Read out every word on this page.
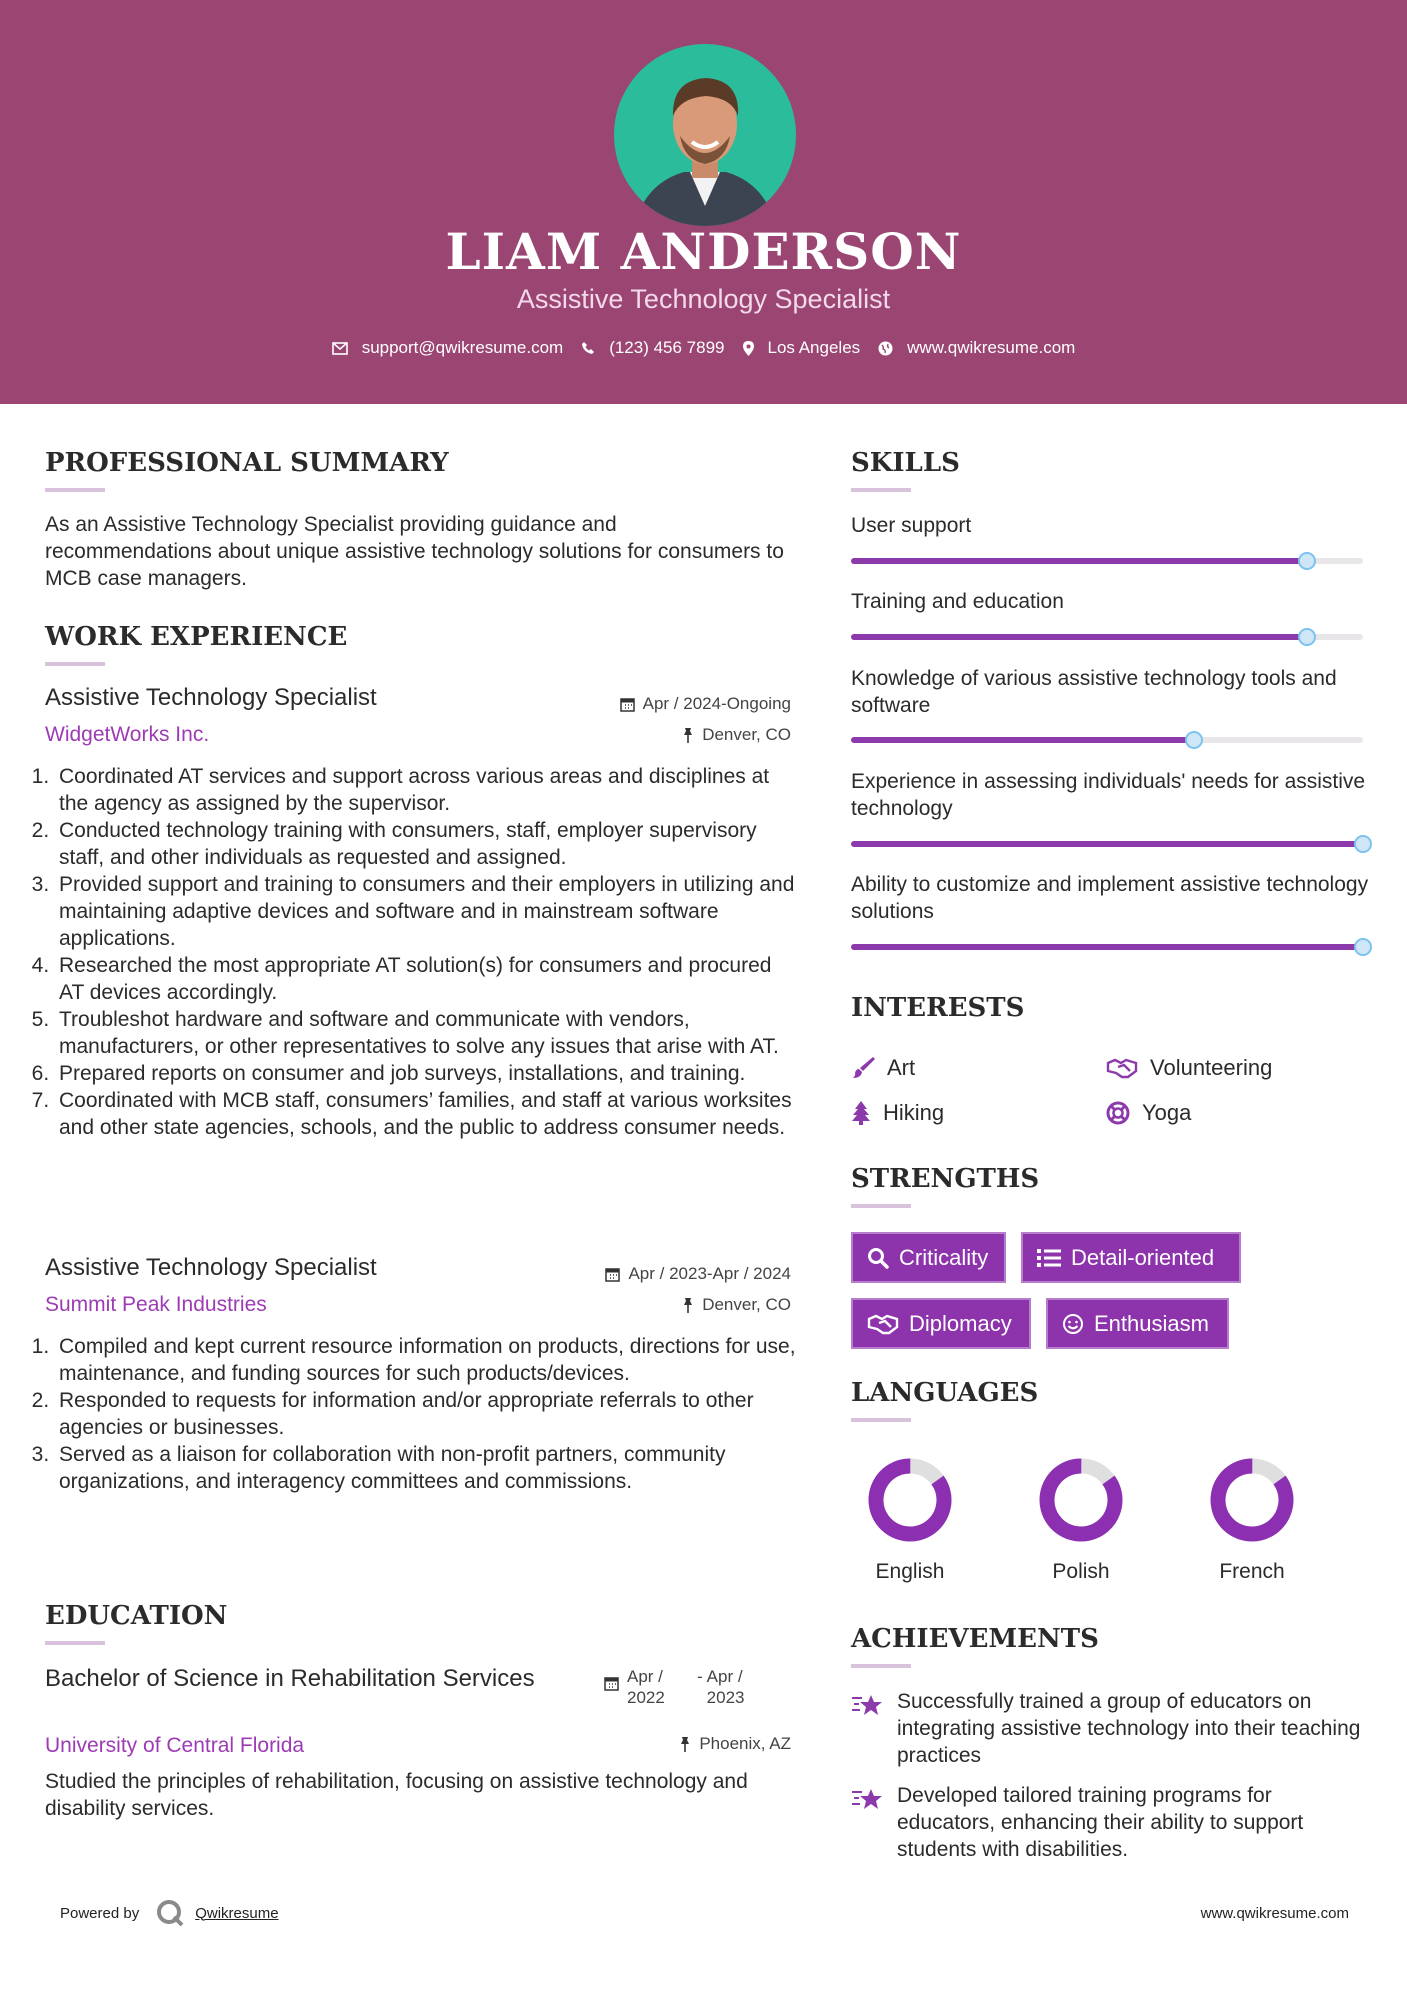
LIAM ANDERSON
Assistive Technology Specialist
support@qwikresume.com	(123) 456 7899	Los Angeles	www.qwikresume.com
PROFESSIONAL SUMMARY
As an Assistive Technology Specialist providing guidance and recommendations about unique assistive technology solutions for consumers to MCB case managers.
WORK EXPERIENCE
Assistive Technology Specialist	Apr / 2024-Ongoing
WidgetWorks Inc.	Denver, CO
1. Coordinated AT services and support across various areas and disciplines at the agency as assigned by the supervisor.
2. Conducted technology training with consumers, staff, employer supervisory staff, and other individuals as requested and assigned.
3. Provided support and training to consumers and their employers in utilizing and maintaining adaptive devices and software and in mainstream software applications.
4. Researched the most appropriate AT solution(s) for consumers and procured AT devices accordingly.
5. Troubleshot hardware and software and communicate with vendors, manufacturers, or other representatives to solve any issues that arise with AT.
6. Prepared reports on consumer and job surveys, installations, and training.
7. Coordinated with MCB staff, consumers’ families, and staff at various worksites and other state agencies, schools, and the public to address consumer needs.
Assistive Technology Specialist	Apr / 2023-Apr / 2024
Summit Peak Industries	Denver, CO
1. Compiled and kept current resource information on products, directions for use, maintenance, and funding sources for such products/devices.
2. Responded to requests for information and/or appropriate referrals to other agencies or businesses.
3. Served as a liaison for collaboration with non-profit partners, community organizations, and interagency committees and commissions.
EDUCATION
Bachelor of Science in Rehabilitation Services	Apr / 2022
- Apr / 2023
University of Central Florida	Phoenix, AZ
Studied the principles of rehabilitation, focusing on assistive technology and disability services.
SKILLS
User support
Training and education
Knowledge of various assistive technology tools and software
Experience in assessing individuals' needs for assistive technology
Ability to customize and implement assistive technology solutions
INTERESTS
Art	Volunteering
Hiking	Yoga
STRENGTHS
Criticality	Detail-oriented
Diplomacy	Enthusiasm
LANGUAGES
English	Polish	French
ACHIEVEMENTS
Successfully trained a group of educators on integrating assistive technology into their teaching practices
Developed tailored training programs for educators, enhancing their ability to support students with disabilities.
Powered by	Qwikresume	www.qwikresume.com
